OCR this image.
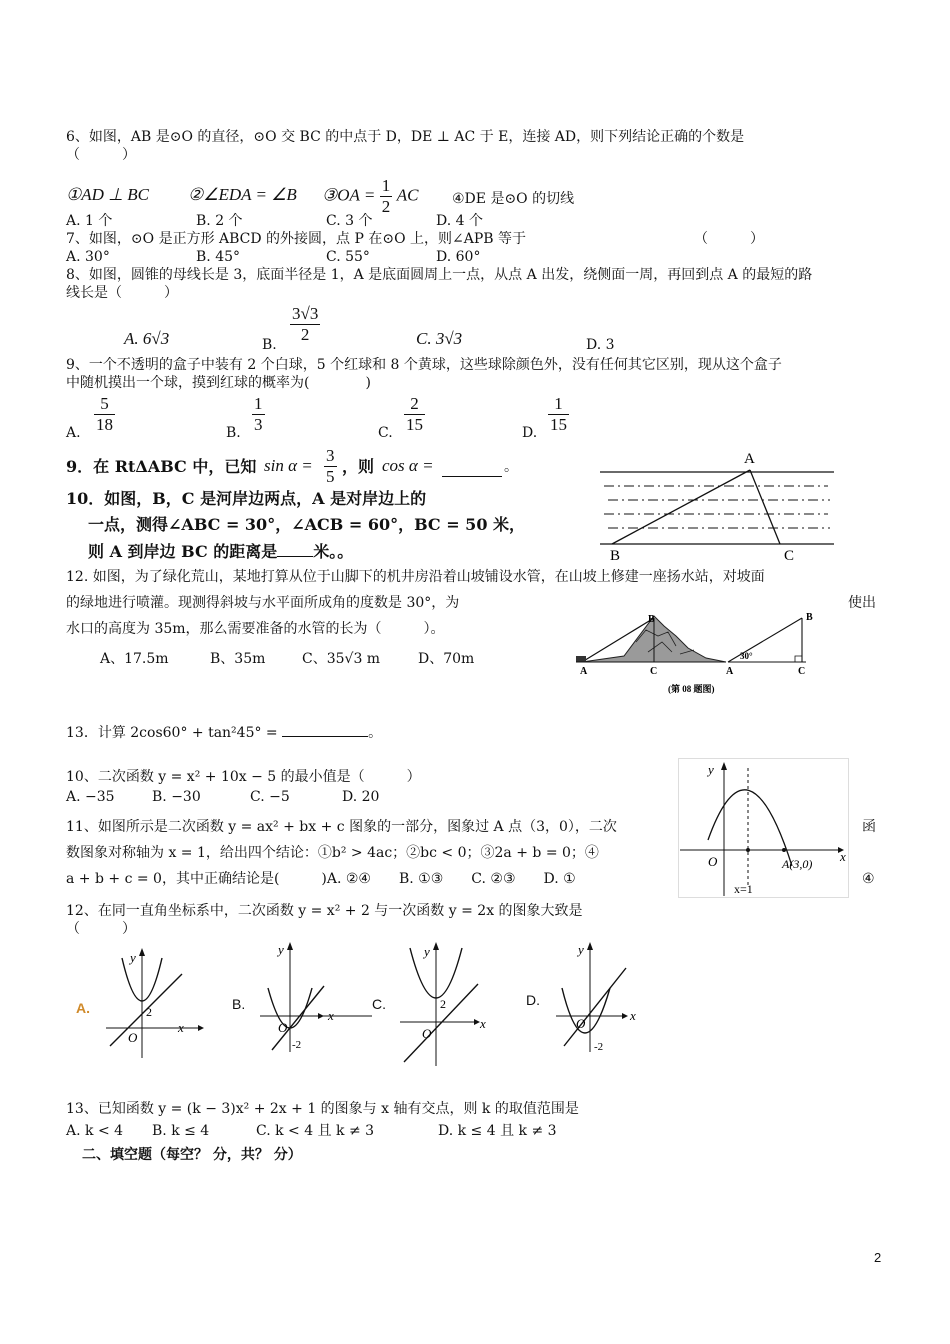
6、如图，AB 是⊙O 的直径，⊙O 交 BC 的中点于 D，DE ⊥ AC 于 E，连接 AD，则下列结论正确的个数是
（　　　）
①AD ⊥ BC ②∠EDA = ∠B ③OA = $\frac{1}{2}$ AC ④DE 是⊙O 的切线
A. 1 个	B. 2 个	C. 3 个	D. 4 个
7、如图，⊙O 是正方形 ABCD 的外接圆，点 P 在⊙O 上，则∠APB 等于	（　　　）
A. 30°	B. 45°	C. 55°	D. 60°
8、如图，圆锥的母线长是 3，底面半径是 1，A 是底面圆周上一点，从点 A 出发，绕侧面一周，再回到点 A 的最短的路
线长是（　　　）
A. 6√3	B. $\frac{3√3}{2}$	C. 3√3	D. 3
9、一个不透明的盒子中装有 2 个白球，5 个红球和 8 个黄球，这些球除颜色外，没有任何其它区别，现从这个盒子
中随机摸出一个球，摸到红球的概率为(　　　　)
A. $\frac{5}{18}$	B. $\frac{1}{3}$	C. $\frac{2}{15}$	D. $\frac{1}{15}$
9．在 RtΔABC 中，已知 $\sin \alpha = \frac{3}{5}$ ，则 cos α =	。
10．如图，B，C 是河岸边两点，A 是对岸边上的
一点，测得∠ABC = 30°，∠ACB = 60°，BC = 50 米，
则 A 到岸边 BC 的距离是 米。。
A
B	C
12. 如图，为了绿化荒山，某地打算从位于山脚下的机井房沿着山坡铺设水管，在山坡上修建一座扬水站，对坡面
的绿地进行喷灌。现测得斜坡与水平面所成角的度数是 30°，为	使出
水口的高度为 35m，那么需要准备的水管的长为（　　　）。
A、17.5m	B、35m	C、35√3 m	D、70m
A	C
B
A	C
B
30°
(第 08 题图)
13．计算 2cos60° + tan²45° =	。
10、二次函数 y = x² + 10x − 5 的最小值是（　　　）
A. −35	B. −30	C. −5	D. 20
11、如图所示是二次函数 y = ax² + bx + c 图象的一部分，图象过 A 点（3，0），二次	函
数图象对称轴为 x = 1，给出四个结论：①b² > 4ac；②bc < 0；③2a + b = 0；④
a + b + c = 0，其中正确结论是(　　　)A. ②④　　B. ①③　　C. ②③　　D. ①	④
y
x
O	A(3,0)
x=1
12、在同一直角坐标系中，二次函数 y = x² + 2 与一次函数 y = 2x 的图象大致是
（　　　）
A.
y
x
O
2	B.
y
x
O
-2
C.
y
x
O
2	D.
y
x
O
-2
13、已知函数 y = (k − 3)x² + 2x + 1 的图象与 x 轴有交点，则 k 的取值范围是
A. k < 4 B. k ≤ 4	C. k < 4 且 k ≠ 3	D. k ≤ 4 且 k ≠ 3
二、填空题（每空？ 分，共？ 分）
2
